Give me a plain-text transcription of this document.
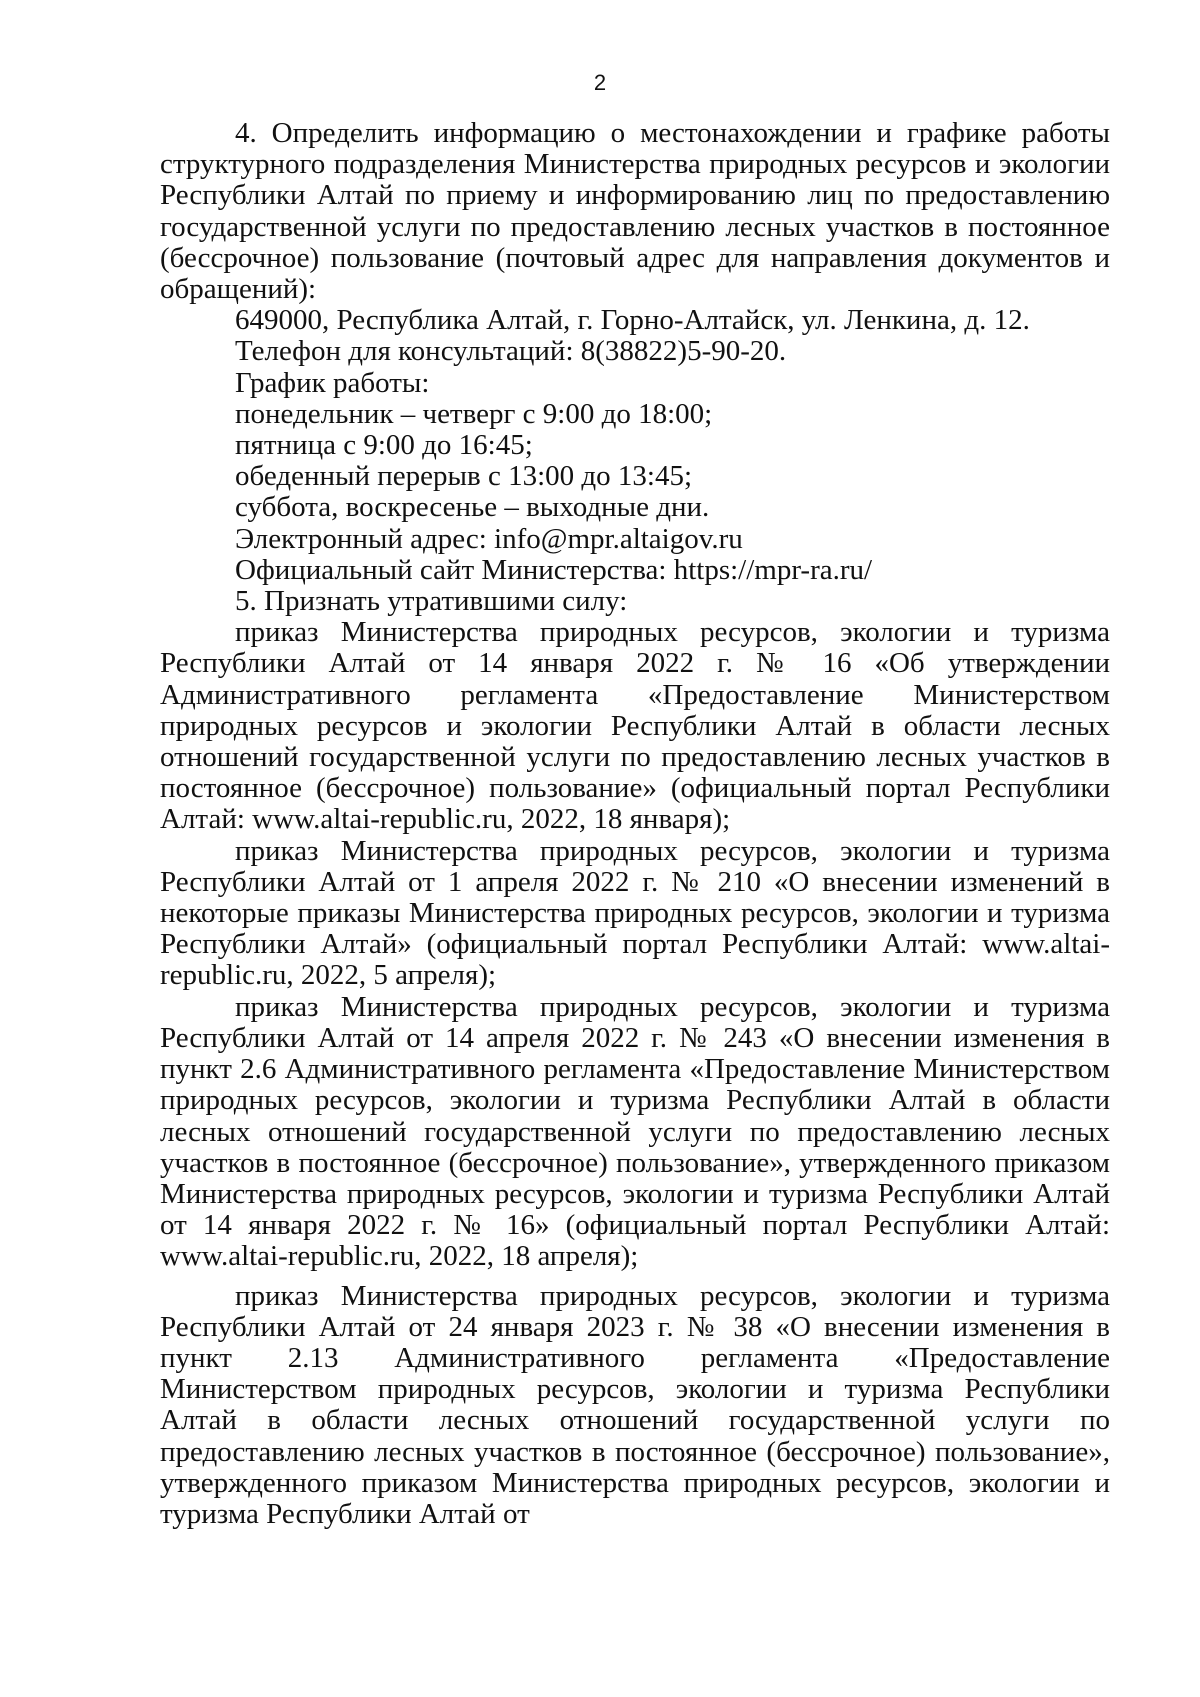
2

4. Определить информацию о местонахождении и графике работы структурного подразделения Министерства природных ресурсов и экологии Республики Алтай по приему и информированию лиц по предоставлению государственной услуги по предоставлению лесных участков в постоянное (бессрочное) пользование (почтовый адрес для направления документов и обращений):

649000, Республика Алтай, г. Горно-Алтайск, ул. Ленкина, д. 12.

Телефон для консультаций: 8(38822)5-90-20.

График работы:

понедельник – четверг с 9:00 до 18:00;

пятница с 9:00 до 16:45;

обеденный перерыв с 13:00 до 13:45;

суббота, воскресенье – выходные дни.

Электронный адрес: info@mpr.altaigov.ru

Официальный сайт Министерства: https://mpr-ra.ru/

5. Признать утратившими силу:

приказ Министерства природных ресурсов, экологии и туризма Республики Алтай от 14 января 2022 г. № 16 «Об утверждении Административного регламента «Предоставление Министерством природных ресурсов и экологии Республики Алтай в области лесных отношений государственной услуги по предоставлению лесных участков в постоянное (бессрочное) пользование» (официальный портал Республики Алтай: www.altai-republic.ru, 2022, 18 января);

приказ Министерства природных ресурсов, экологии и туризма Республики Алтай от 1 апреля 2022 г. № 210 «О внесении изменений в некоторые приказы Министерства природных ресурсов, экологии и туризма Республики Алтай» (официальный портал Республики Алтай: www.altai-republic.ru, 2022, 5 апреля);

приказ Министерства природных ресурсов, экологии и туризма Республики Алтай от 14 апреля 2022 г. № 243 «О внесении изменения в пункт 2.6 Административного регламента «Предоставление Министерством природных ресурсов, экологии и туризма Республики Алтай в области лесных отношений государственной услуги по предоставлению лесных участков в постоянное (бессрочное) пользование», утвержденного приказом Министерства природных ресурсов, экологии и туризма Республики Алтай от 14 января 2022 г. № 16» (официальный портал Республики Алтай: www.altai-republic.ru, 2022, 18 апреля);

приказ Министерства природных ресурсов, экологии и туризма Республики Алтай от 24 января 2023 г. № 38 «О внесении изменения в пункт 2.13 Административного регламента «Предоставление Министерством природных ресурсов, экологии и туризма Республики Алтай в области лесных отношений государственной услуги по предоставлению лесных участков в постоянное (бессрочное) пользование», утвержденного приказом Министерства природных ресурсов, экологии и туризма Республики Алтай от
